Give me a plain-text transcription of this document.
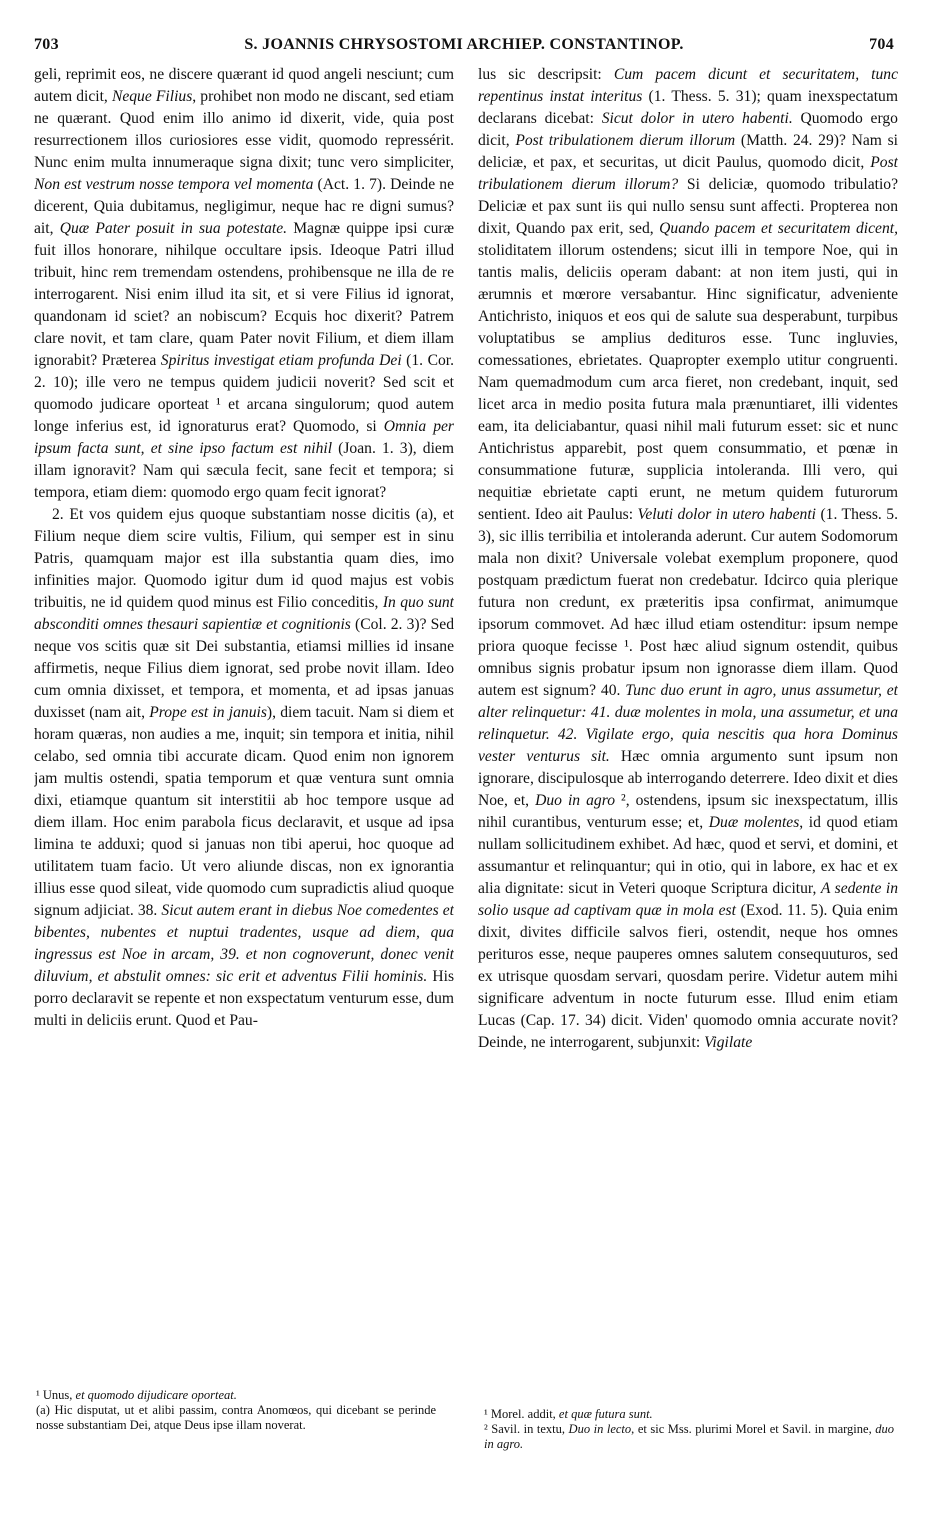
S. JOANNIS CHRYSOSTOMI ARCHIEP. CONSTANTINOP.
703	704

geli, reprimit eos, ne discere quærant id quod angeli nesciunt; cum autem dicit, Neque Filius, prohibet non modo ne discant, sed etiam ne quærant. Quod enim illo animo id dixerit, vide, quia post resurrectionem illos curiosiores esse vidit, quomodo repressérit. Nunc enim multa innumeraque signa dixit; tunc vero simpliciter, Non est vestrum nosse tempora vel momenta (Act. 1. 7). Deinde ne dicerent, Quia dubitamus, negligimur, neque hac re digni sumus? ait, Quæ Pater posuit in sua potestate. Magnæ quippe ipsi curæ fuit illos honorare, nihilque occultare ipsis. Ideoque Patri illud tribuit, hinc rem tremendam ostendens, prohibensque ne illa de re interrogarent. Nisi enim illud ita sit, et si vere Filius id ignorat, quandonam id sciet? an nobiscum? Ecquis hoc dixerit? Patrem clare novit, et tam clare, quam Pater novit Filium, et diem illam ignorabit? Præterea Spiritus investigat etiam profunda Dei (1. Cor. 2. 10); ille vero ne tempus quidem judicii noverit? Sed scit et quomodo judicare oporteat ¹ et arcana singulorum; quod autem longe inferius est, id ignoraturus erat? Quomodo, si Omnia per ipsum facta sunt, et sine ipso factum est nihil (Joan. 1. 3), diem illam ignoravit? Nam qui sæcula fecit, sane fecit et tempora; si tempora, etiam diem: quomodo ergo quam fecit ignorat?

2. Et vos quidem ejus quoque substantiam nosse dicitis (a), et Filium neque diem scire vultis, Filium, qui semper est in sinu Patris, quamquam major est illa substantia quam dies, imo infinities major. Quomodo igitur dum id quod majus est vobis tribuitis, ne id quidem quod minus est Filio conceditis, In quo sunt absconditi omnes thesauri sapientiæ et cognitionis (Col. 2. 3)? Sed neque vos scitis quæ sit Dei substantia, etiamsi millies id insane affirmetis, neque Filius diem ignorat, sed probe novit illam. Ideo cum omnia dixisset, et tempora, et momenta, et ad ipsas januas duxisset (nam ait, Prope est in januis), diem tacuit. Nam si diem et horam quæras, non audies a me, inquit; sin tempora et initia, nihil celabo, sed omnia tibi accurate dicam. Quod enim non ignorem jam multis ostendi, spatia temporum et quæ ventura sunt omnia dixi, etiamque quantum sit interstitii ab hoc tempore usque ad diem illam. Hoc enim parabola ficus declaravit, et usque ad ipsa limina te adduxi; quod si januas non tibi aperui, hoc quoque ad utilitatem tuam facio. Ut vero aliunde discas, non ex ignorantia illius esse quod sileat, vide quomodo cum supradictis aliud quoque signum adjiciat. 38. Sicut autem erant in diebus Noe comedentes et bibentes, nubentes et nuptui tradentes, usque ad diem, qua ingressus est Noe in arcam, 39. et non cognoverunt, donec venit diluvium, et abstulit omnes: sic erit et adventus Filii hominis. His porro declaravit se repente et non exspectatum venturum esse, dum multi in deliciis erunt. Quod et Pau-

lus sic descripsit: Cum pacem dicunt et securitatem, tunc repentinus instat interitus (1. Thess. 5. 31); quam inexspectatum declarans dicebat: Sicut dolor in utero habenti. Quomodo ergo dicit, Post tribulationem dierum illorum (Matth. 24. 29)? Nam si deliciæ, et pax, et securitas, ut dicit Paulus, quomodo dicit, Post tribulationem dierum illorum? Si deliciæ, quomodo tribulatio? Deliciæ et pax sunt iis qui nullo sensu sunt affecti. Propterea non dixit, Quando pax erit, sed, Quando pacem et securitatem dicent, stoliditatem illorum ostendens; sicut illi in tempore Noe, qui in tantis malis, deliciis operam dabant: at non item justi, qui in ærumnis et mœrore versabantur. Hinc significatur, adveniente Antichristo, iniquos et eos qui de salute sua desperabunt, turpibus voluptatibus se amplius dedituros esse. Tunc ingluvies, comessationes, ebrietates. Quapropter exemplo utitur congruenti. Nam quemadmodum cum arca fieret, non credebant, inquit, sed licet arca in medio posita futura mala prænuntiaret, illi videntes eam, ita deliciabantur, quasi nihil mali futurum esset: sic et nunc Antichristus apparebit, post quem consummatio, et pœnæ in consummatione futuræ, supplicia intoleranda. Illi vero, qui nequitiæ ebrietate capti erunt, ne metum quidem futurorum sentient. Ideo ait Paulus: Veluti dolor in utero habenti (1. Thess. 5. 3), sic illis terribilia et intoleranda aderunt. Cur autem Sodomorum mala non dixit? Universale volebat exemplum proponere, quod postquam prædictum fuerat non credebatur. Idcirco quia plerique futura non credunt, ex præteritis ipsa confirmat, animumque ipsorum commovet. Ad hæc illud etiam ostenditur: ipsum nempe priora quoque fecisse ¹. Post hæc aliud signum ostendit, quibus omnibus signis probatur ipsum non ignorasse diem illam. Quod autem est signum? 40. Tunc duo erunt in agro, unus assumetur, et alter relinquetur: 41. duæ molentes in mola, una assumetur, et una relinquetur. 42. Vigilate ergo, quia nescitis qua hora Dominus vester venturus sit. Hæc omnia argumento sunt ipsum non ignorare, discipulosque ab interrogando deterrere. Ideo dixit et dies Noe, et, Duo in agro ², ostendens, ipsum sic inexspectatum, illis nihil curantibus, venturum esse; et, Duæ molentes, id quod etiam nullam sollicitudinem exhibet. Ad hæc, quod et servi, et domini, et assumantur et relinquantur; qui in otio, qui in labore, ex hac et ex alia dignitate: sicut in Veteri quoque Scriptura dicitur, A sedente in solio usque ad captivam quæ in mola est (Exod. 11. 5). Quia enim dixit, divites difficile salvos fieri, ostendit, neque hos omnes perituros esse, neque pauperes omnes salutem consequuturos, sed ex utrisque quosdam servari, quosdam perire. Videtur autem mihi significare adventum in nocte futurum esse. Illud enim etiam Lucas (Cap. 17. 34) dicit. Viden' quomodo omnia accurate novit? Deinde, ne interrogarent, subjunxit: Vigilate

¹ Unus, et quomodo dijudicare oporteat.

(a) Hic disputat, ut et alibi passim, contra Anomœos, qui dicebant se perinde nosse substantiam Dei, atque Deus ipse illam noverat.

¹ Morel. addit, et quæ futura sunt.

² Savil. in textu, Duo in lecto, et sic Mss. plurimi Morel et Savil. in margine, duo in agro.
